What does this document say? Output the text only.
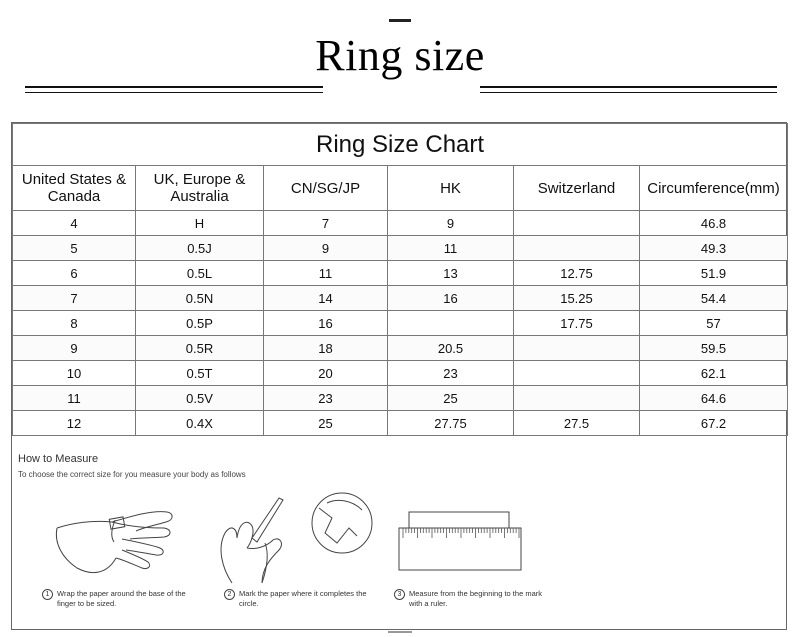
Ring size
Ring Size Chart					
United States & Canada	UK, Europe & Australia	CN/SG/JP	HK	Switzerland	Circumference(mm)
4	H	7	9		46.8
5	0.5J	9	11		49.3
6	0.5L	11	13	12.75	51.9
7	0.5N	14	16	15.25	54.4
8	0.5P	16		17.75	57
9	0.5R	18	20.5		59.5
10	0.5T	20	23		62.1
11	0.5V	23	25		64.6
12	0.4X	25	27.75	27.5	67.2
How to Measure
To choose the correct size for you measure your body as follows
1 Wrap the paper around the base of the finger to be sized.
2 Mark the paper where it completes the circle.
3 Measure from the beginning to the mark with a ruler.
